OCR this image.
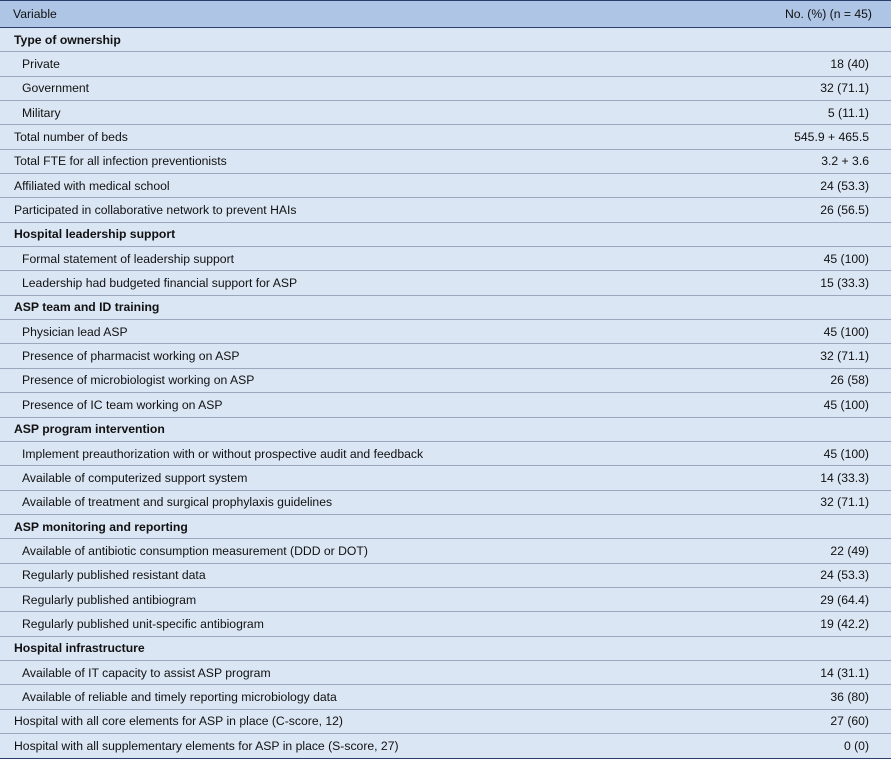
Variable	No. (%) (n = 45)
Type of ownership
Private	18 (40)
Government	32 (71.1)
Military	5 (11.1)
Total number of beds	545.9 + 465.5
Total FTE for all infection preventionists	3.2 + 3.6
Affiliated with medical school	24 (53.3)
Participated in collaborative network to prevent HAIs	26 (56.5)
Hospital leadership support
Formal statement of leadership support	45 (100)
Leadership had budgeted financial support for ASP	15 (33.3)
ASP team and ID training
Physician lead ASP	45 (100)
Presence of pharmacist working on ASP	32 (71.1)
Presence of microbiologist working on ASP	26 (58)
Presence of IC team working on ASP	45 (100)
ASP program intervention
Implement preauthorization with or without prospective audit and feedback	45 (100)
Available of computerized support system	14 (33.3)
Available of treatment and surgical prophylaxis guidelines	32 (71.1)
ASP monitoring and reporting
Available of antibiotic consumption measurement (DDD or DOT)	22 (49)
Regularly published resistant data	24 (53.3)
Regularly published antibiogram	29 (64.4)
Regularly published unit-specific antibiogram	19 (42.2)
Hospital infrastructure
Available of IT capacity to assist ASP program	14 (31.1)
Available of reliable and timely reporting microbiology data	36 (80)
Hospital with all core elements for ASP in place (C-score, 12)	27 (60)
Hospital with all supplementary elements for ASP in place (S-score, 27)	0 (0)
